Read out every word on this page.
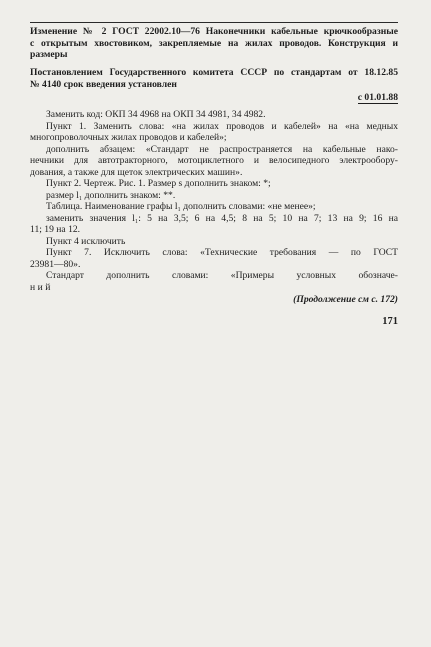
Изменение № 2 ГОСТ 22002.10—76 Наконечники кабельные крючкообразные
с открытым хвостовиком, закрепляемые на жилах проводов. Конструкция и
размеры
Постановлением Государственного комитета СССР по стандартам от 18.12.85
№ 4140 срок введения установлен
с 01.01.88
Заменить код: ОКП 34 4968 на ОКП 34 4981, 34 4982.
Пункт 1. Заменить слова: «на жилах проводов и кабелей» на «на медных
многопроволочных жилах проводов и кабелей»;
дополнить абзацем: «Стандарт не распространяется на кабельные нако-
нечники для автотракторного, мотоциклетного и велосипедного электрообору-
дования, а также для щеток электрических машин».
Пункт 2. Чертеж. Рис. 1. Размер s дополнить знаком: *;
размер l₁ дополнить знаком: **.
Таблица. Наименование графы l₁ дополнить словами: «не менее»;
заменить значения l₁: 5 на 3,5; 6 на 4,5; 8 на 5; 10 на 7; 13 на 9; 16 на
11; 19 на 12.
Пункт 4 исключить
Пункт 7. Исключить слова: «Технические требования — по ГОСТ
23981—80».
Стандарт дополнить словами: «Примеры условных обозначе-
ний
(Продолжение см с. 172)
171
